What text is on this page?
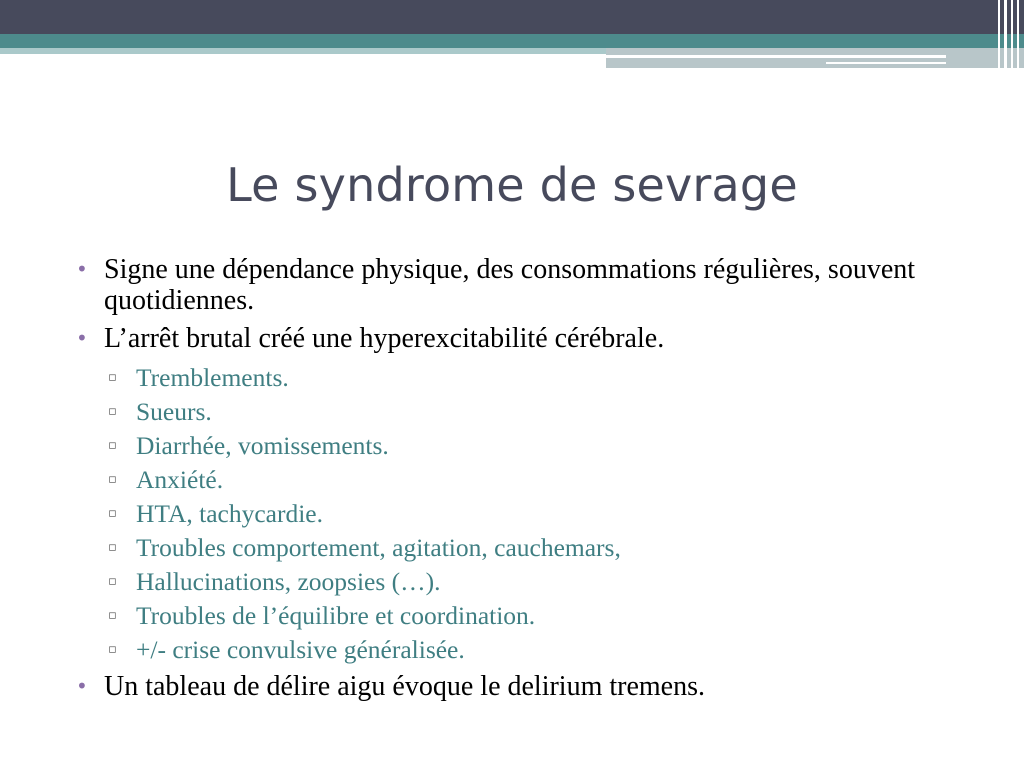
Le syndrome de sevrage
• Signe une dépendance physique, des consommations régulières, souvent quotidiennes.
• L’arrêt brutal créé une hyperexcitabilité cérébrale.
▫ Tremblements.
▫ Sueurs.
▫ Diarrhée, vomissements.
▫ Anxiété.
▫ HTA, tachycardie.
▫ Troubles comportement, agitation, cauchemars,
▫ Hallucinations, zoopsies (…).
▫ Troubles de l’équilibre et coordination.
▫ +/- crise convulsive généralisée.
• Un tableau de délire aigu évoque le delirium tremens.
